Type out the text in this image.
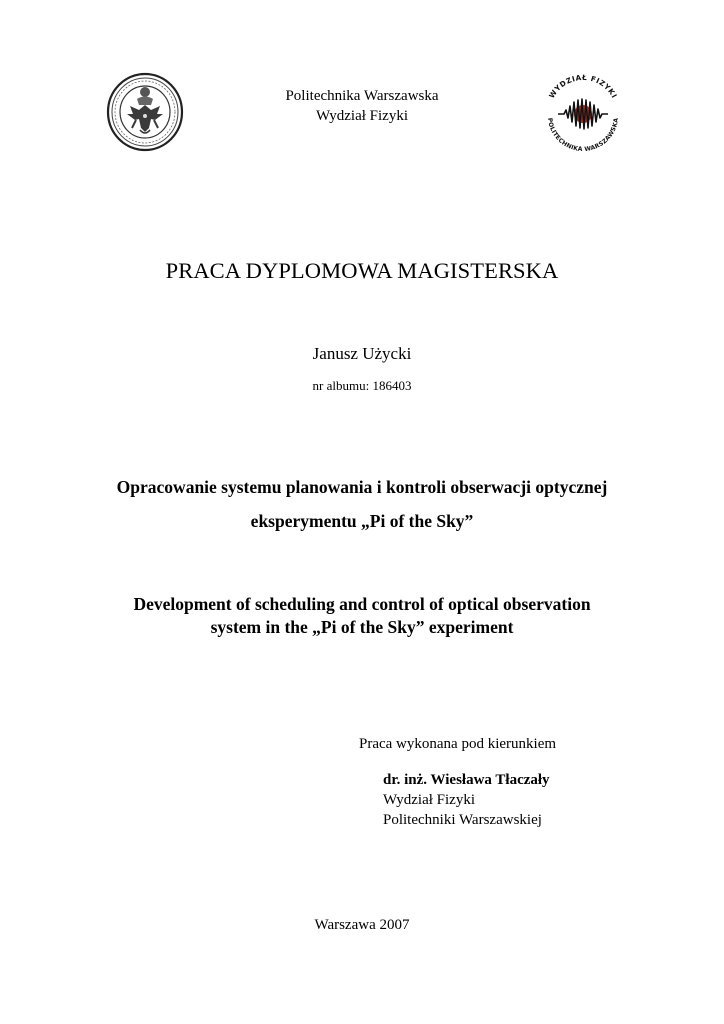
WYDZIAŁ FIZYKI
POLITECHNIKA WARSZAWSKA
Politechnika Warszawska
Wydział Fizyki
PRACA DYPLOMOWA MAGISTERSKA
Janusz Użycki
nr albumu: 186403
Opracowanie systemu planowania i kontroli obserwacji optycznej
eksperymentu „Pi of the Sky”
Development of scheduling and control of optical observation
system in the „Pi of the Sky” experiment
Praca wykonana pod kierunkiem
dr. inż. Wiesława Tłaczały
Wydział Fizyki
Politechniki Warszawskiej
Warszawa 2007
